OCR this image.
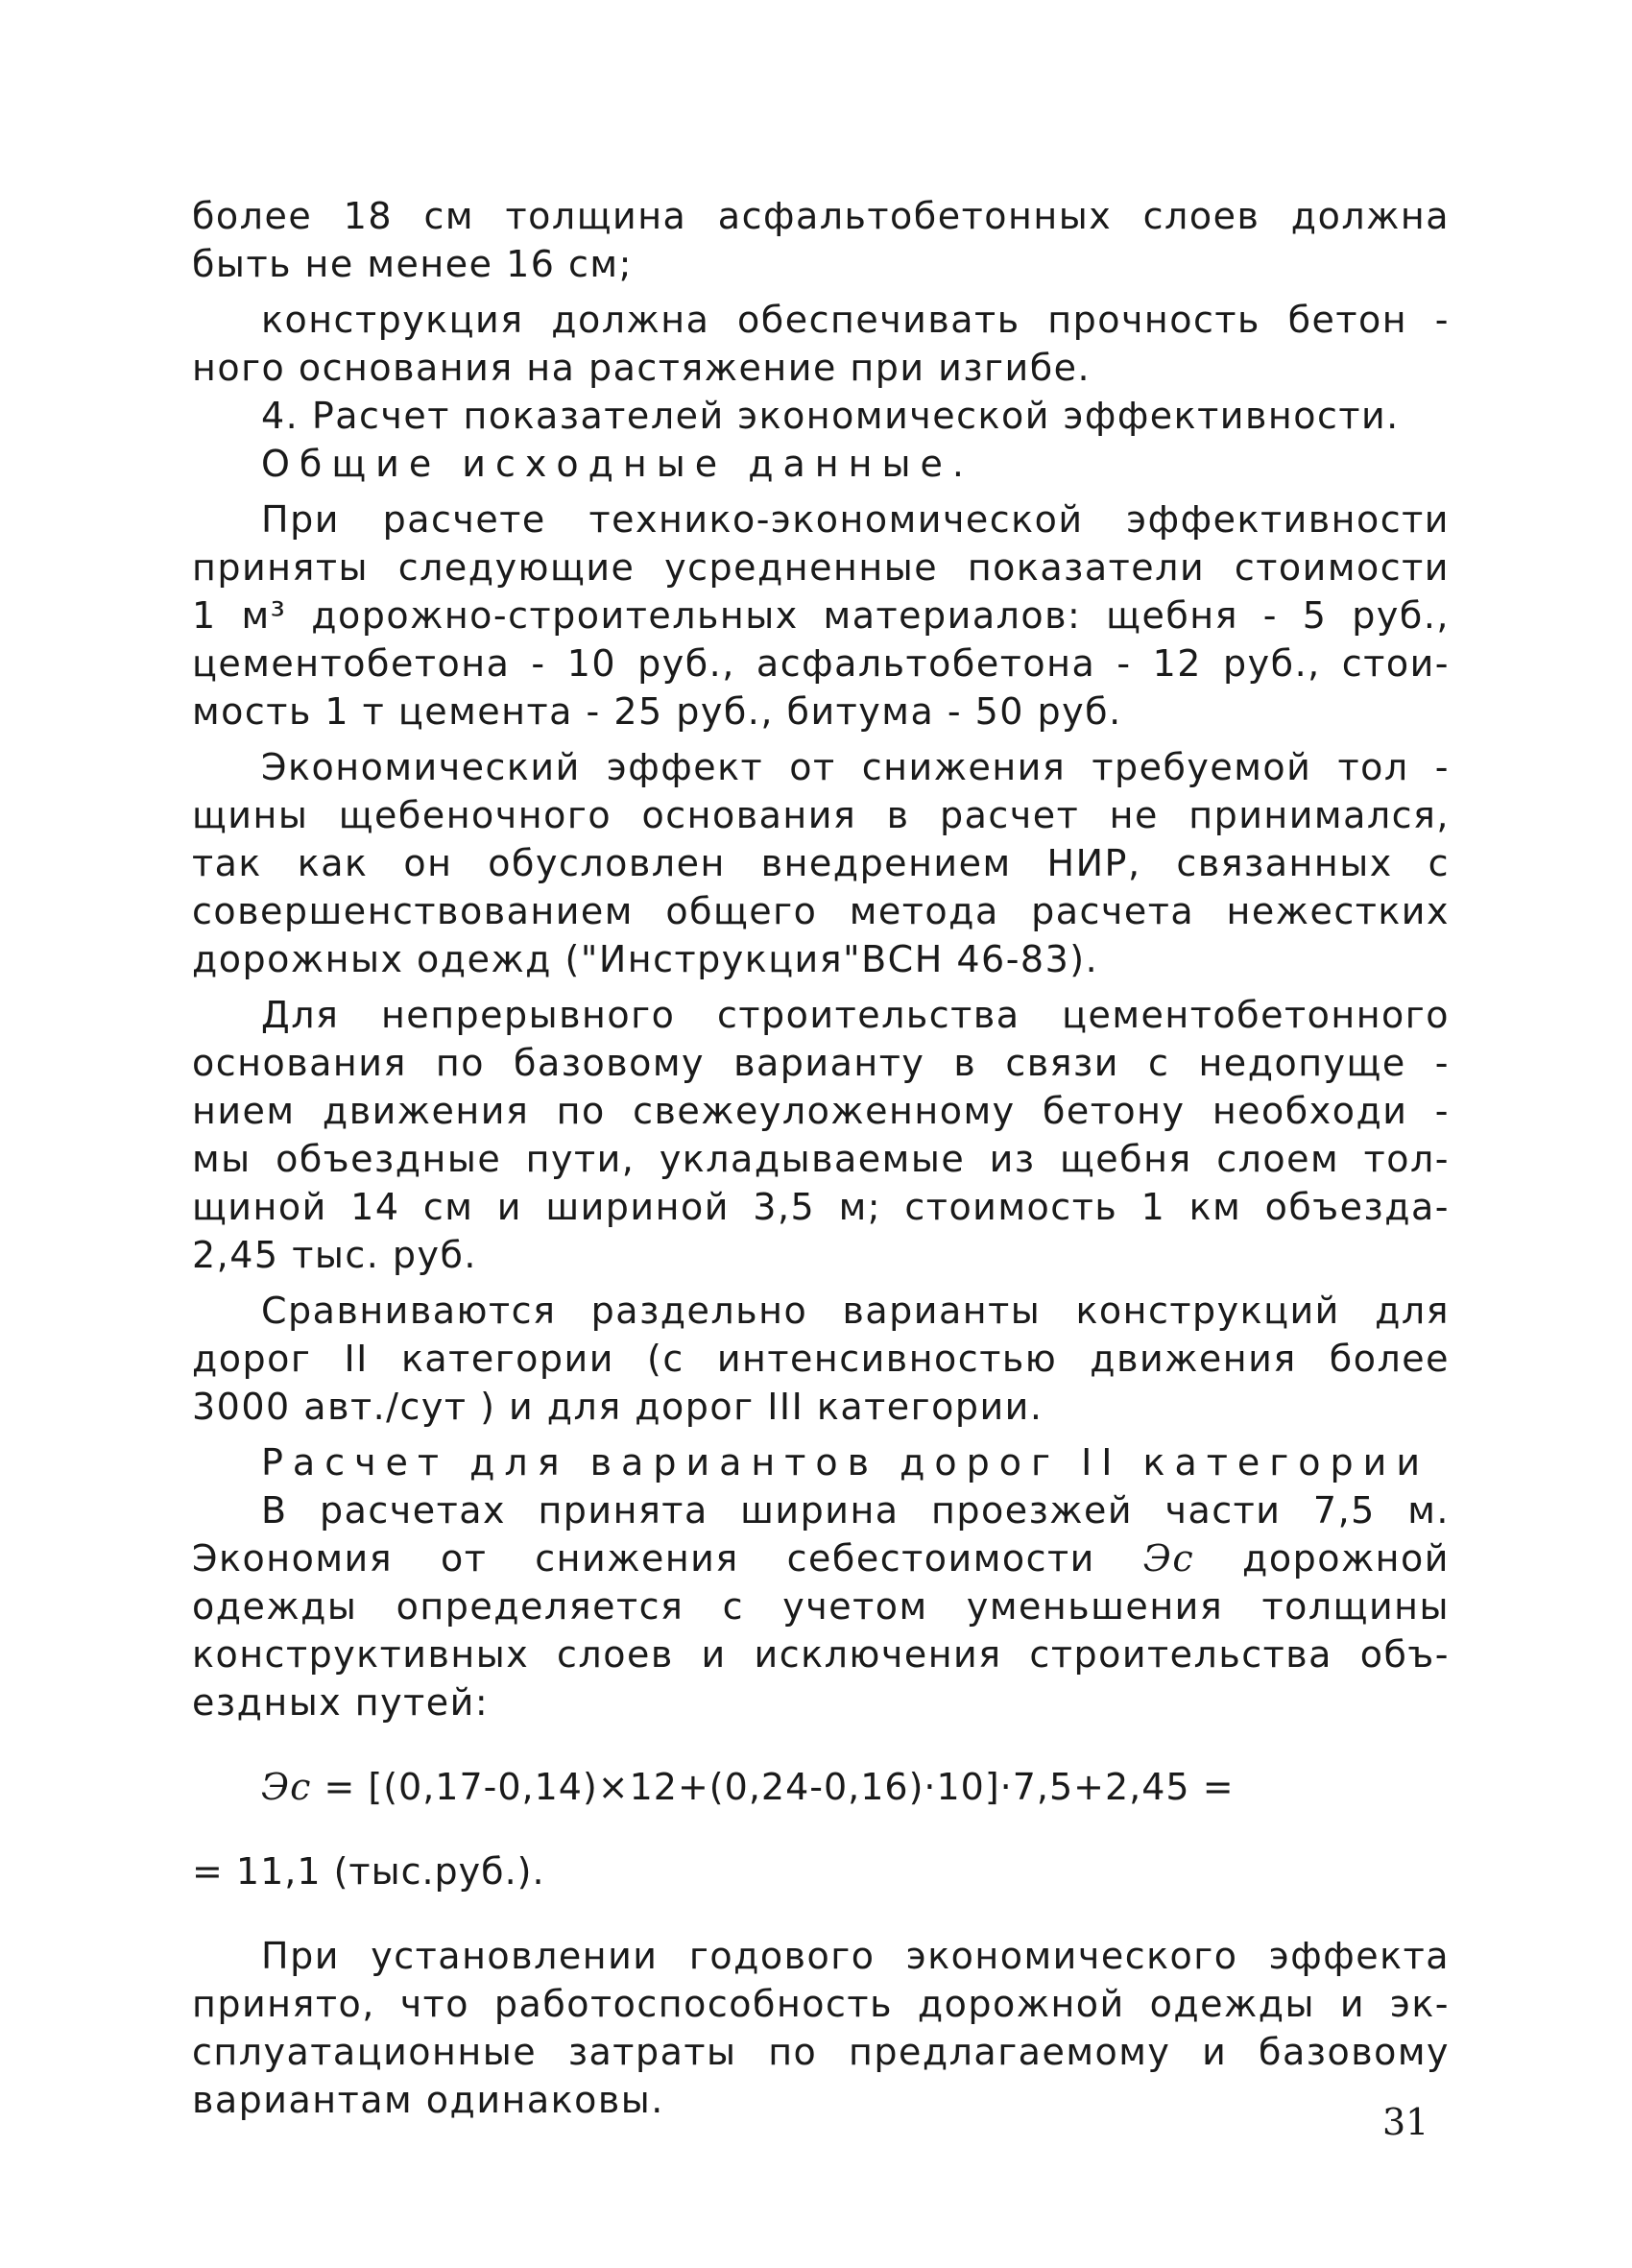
более 18 см толщина асфальтобетонных слоев должна

быть не менее 16 см;

конструкция должна обеспечивать прочность бетон -

ного основания на растяжение при изгибе.

4. Расчет показателей экономической эффективности.

Общие исходные данные.

При расчете технико-экономической эффективности

приняты следующие усредненные показатели стоимости

1 м³ дорожно-строительных материалов: щебня - 5 руб.,

цементобетона - 10 руб., асфальтобетона - 12 руб., стои-

мость 1 т цемента - 25 руб., битума - 50 руб.

Экономический эффект от снижения требуемой тол -

щины щебеночного основания в расчет не принимался,

так как он обусловлен внедрением НИР, связанных с

совершенствованием общего метода расчета нежестких

дорожных одежд ("Инструкция"ВСН 46-83).

Для непрерывного строительства цементобетонного

основания по базовому варианту в связи с недопуще -

нием движения по свежеуложенному бетону необходи -

мы объездные пути, укладываемые из щебня слоем тол-

щиной 14 см и шириной 3,5 м; стоимость 1 км объезда-

2,45 тыс. руб.

Сравниваются раздельно варианты конструкций для

дорог II категории (с интенсивностью движения более

3000 авт./сут ) и для дорог III категории.

Расчет для вариантов дорог II категории

В расчетах принята ширина проезжей части 7,5 м.

Экономия от снижения себестоимости Эс дорожной

одежды определяется с учетом уменьшения толщины

конструктивных слоев и исключения строительства объ-

ездных путей:

Эс = [(0,17-0,14)×12+(0,24-0,16)·10]·7,5+2,45 =

= 11,1 (тыс.руб.).

При установлении годового экономического эффекта

принято, что работоспособность дорожной одежды и эк-

сплуатационные затраты по предлагаемому и базовому

вариантам одинаковы.

31
